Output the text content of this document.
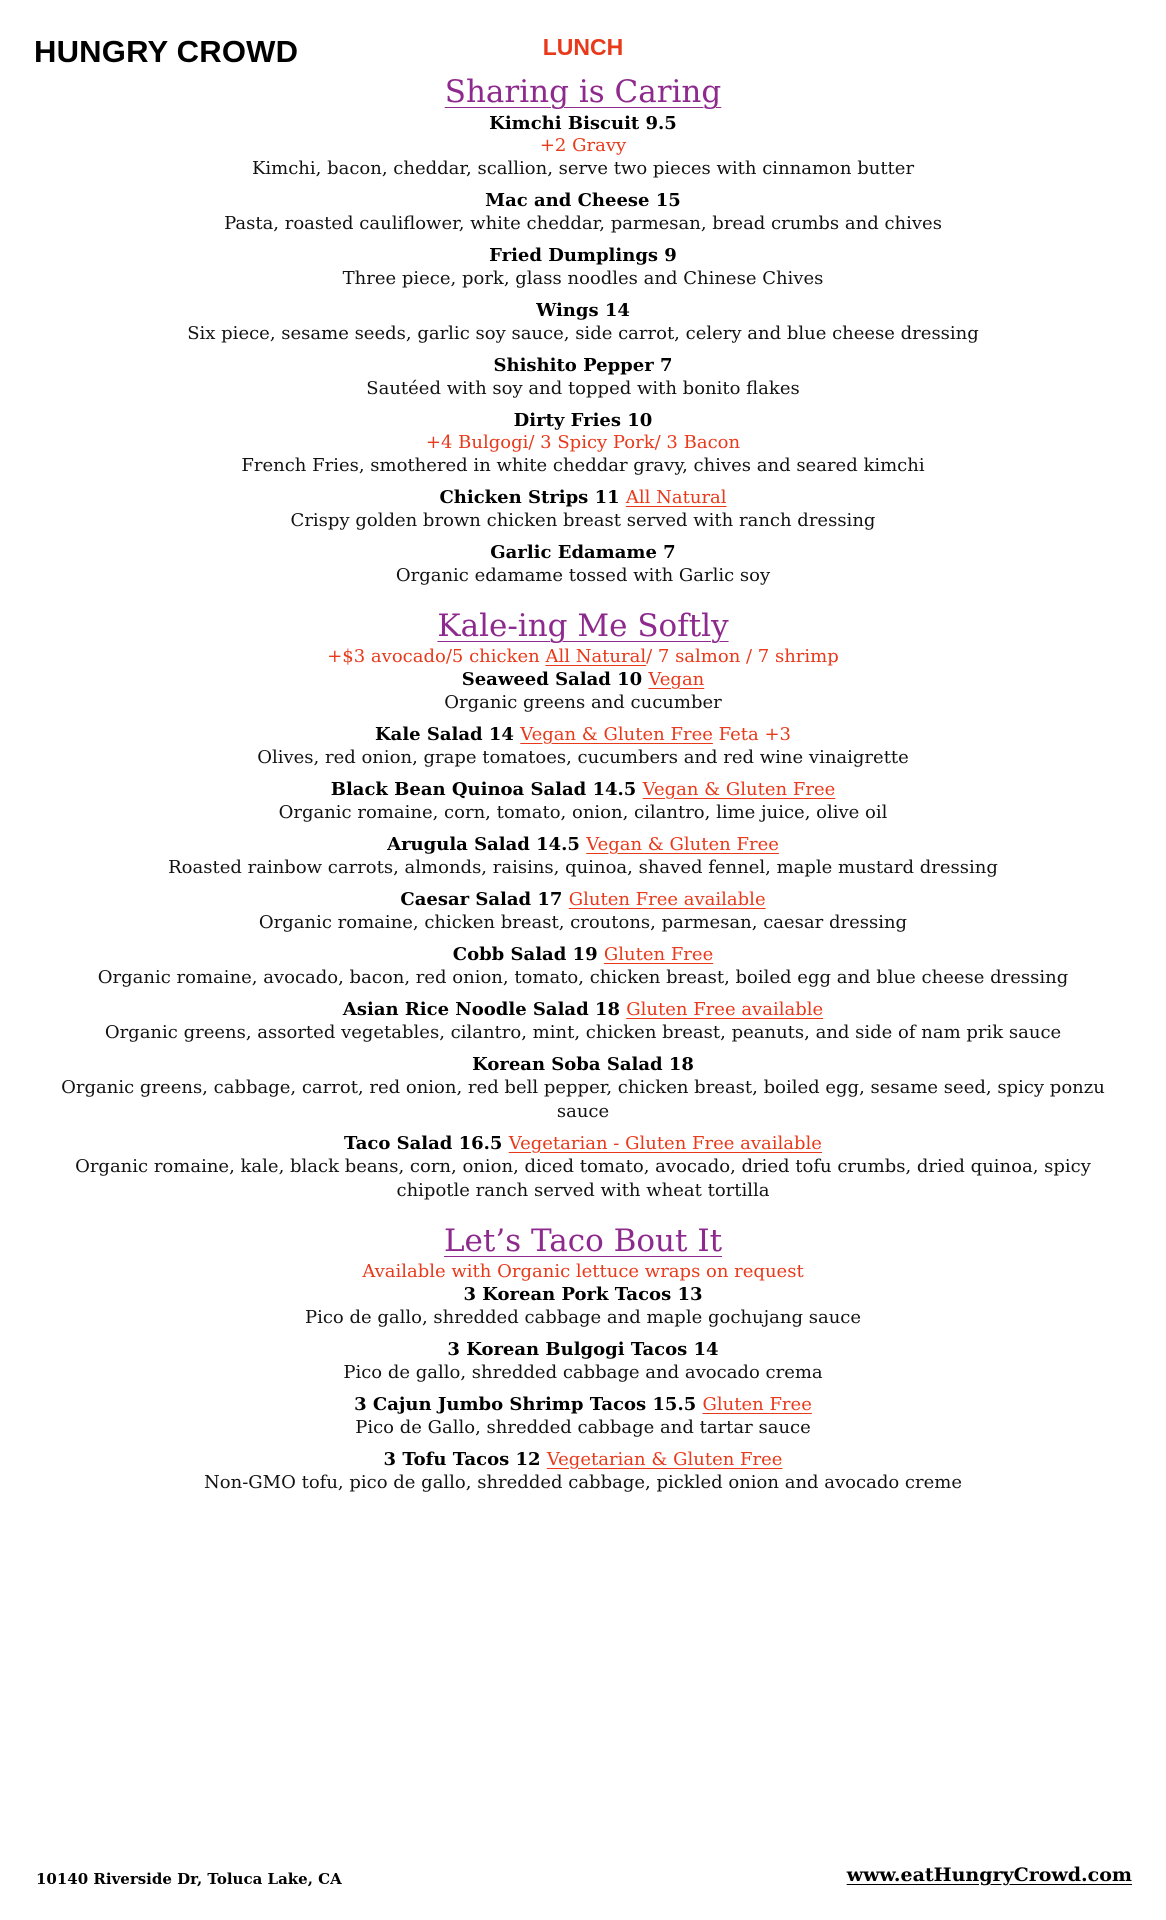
HUNGRY CROWD	LUNCH
Sharing is Caring
Kimchi Biscuit 9.5
+2 Gravy
Kimchi, bacon, cheddar, scallion, serve two pieces with cinnamon butter
Mac and Cheese 15
Pasta, roasted cauliflower, white cheddar, parmesan, bread crumbs and chives
Fried Dumplings 9
Three piece, pork, glass noodles and Chinese Chives
Wings 14
Six piece, sesame seeds, garlic soy sauce, side carrot, celery and blue cheese dressing
Shishito Pepper 7
Sautéed with soy and topped with bonito flakes
Dirty Fries 10
+4 Bulgogi/ 3 Spicy Pork/ 3 Bacon
French Fries, smothered in white cheddar gravy, chives and seared kimchi
Chicken Strips 11 All Natural
Crispy golden brown chicken breast served with ranch dressing
Garlic Edamame 7
Organic edamame tossed with Garlic soy
Kale-ing Me Softly
+$3 avocado/5 chicken All Natural/ 7 salmon / 7 shrimp
Seaweed Salad 10 Vegan
Organic greens and cucumber
Kale Salad 14 Vegan & Gluten Free Feta +3
Olives, red onion, grape tomatoes, cucumbers and red wine vinaigrette
Black Bean Quinoa Salad 14.5 Vegan & Gluten Free
Organic romaine, corn, tomato, onion, cilantro, lime juice, olive oil
Arugula Salad 14.5 Vegan & Gluten Free
Roasted rainbow carrots, almonds, raisins, quinoa, shaved fennel, maple mustard dressing
Caesar Salad 17 Gluten Free available
Organic romaine, chicken breast, croutons, parmesan, caesar dressing
Cobb Salad 19 Gluten Free
Organic romaine, avocado, bacon, red onion, tomato, chicken breast, boiled egg and blue cheese dressing
Asian Rice Noodle Salad 18 Gluten Free available
Organic greens, assorted vegetables, cilantro, mint, chicken breast, peanuts, and side of nam prik sauce
Korean Soba Salad 18
Organic greens, cabbage, carrot, red onion, red bell pepper, chicken breast, boiled egg, sesame seed, spicy ponzu sauce
Taco Salad 16.5 Vegetarian - Gluten Free available
Organic romaine, kale, black beans, corn, onion, diced tomato, avocado, dried tofu crumbs, dried quinoa, spicy chipotle ranch served with wheat tortilla
Let’s Taco Bout It
Available with Organic lettuce wraps on request
3 Korean Pork Tacos 13
Pico de gallo, shredded cabbage and maple gochujang sauce
3 Korean Bulgogi Tacos 14
Pico de gallo, shredded cabbage and avocado crema
3 Cajun Jumbo Shrimp Tacos 15.5 Gluten Free
Pico de Gallo, shredded cabbage and tartar sauce
3 Tofu Tacos 12 Vegetarian & Gluten Free
Non-GMO tofu, pico de gallo, shredded cabbage, pickled onion and avocado creme
10140 Riverside Dr, Toluca Lake, CA	www.eatHungryCrowd.com
